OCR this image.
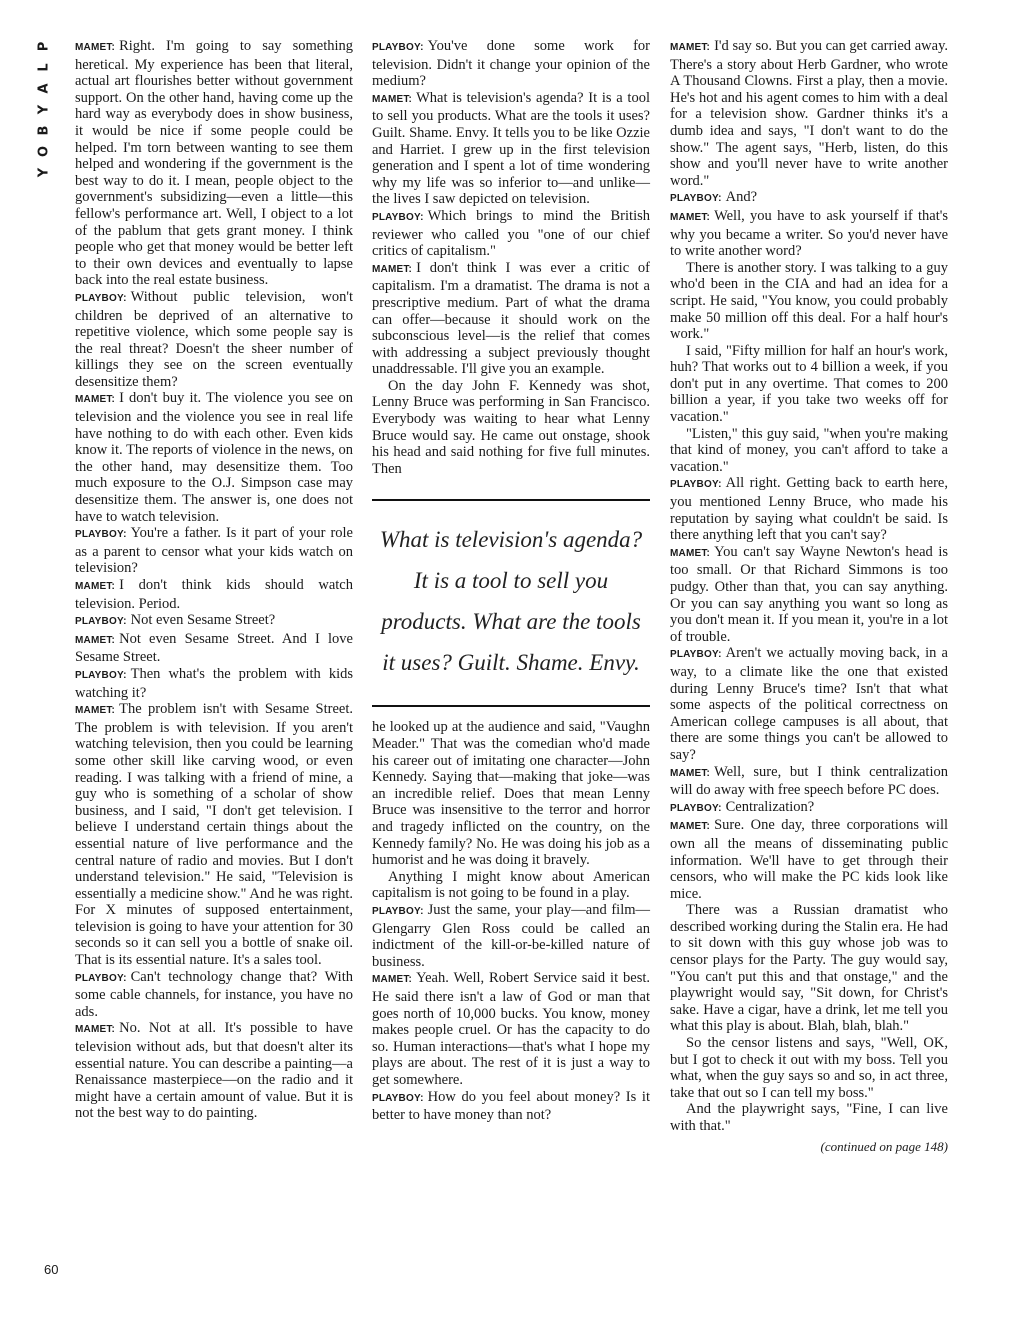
P
L
A
Y
B
O
Y
60

MAMET: Right. I'm going to say something heretical. My experience has been that literal, actual art flourishes better without government support. On the other hand, having come up the hard way as everybody does in show business, it would be nice if some people could be helped. I'm torn between wanting to see them helped and wondering if the government is the best way to do it. I mean, people object to the government's subsidizing—even a little—this fellow's performance art. Well, I object to a lot of the pablum that gets grant money. I think people who get that money would be better left to their own devices and eventually to lapse back into the real estate business.

PLAYBOY: Without public television, won't children be deprived of an alternative to repetitive violence, which some people say is the real threat? Doesn't the sheer number of killings they see on the screen eventually desensitize them?

MAMET: I don't buy it. The violence you see on television and the violence you see in real life have nothing to do with each other. Even kids know it. The reports of violence in the news, on the other hand, may desensitize them. Too much exposure to the O.J. Simpson case may desensitize them. The answer is, one does not have to watch television.

PLAYBOY: You're a father. Is it part of your role as a parent to censor what your kids watch on television?

MAMET: I don't think kids should watch television. Period.

PLAYBOY: Not even Sesame Street?

MAMET: Not even Sesame Street. And I love Sesame Street.

PLAYBOY: Then what's the problem with kids watching it?

MAMET: The problem isn't with Sesame Street. The problem is with television. If you aren't watching television, then you could be learning some other skill like carving wood, or even reading. I was talking with a friend of mine, a guy who is something of a scholar of show business, and I said, "I don't get television. I believe I understand certain things about the essential nature of live performance and the central nature of radio and movies. But I don't understand television." He said, "Television is essentially a medicine show." And he was right. For X minutes of supposed entertainment, television is going to have your attention for 30 seconds so it can sell you a bottle of snake oil. That is its essential nature. It's a sales tool.

PLAYBOY: Can't technology change that? With some cable channels, for instance, you have no ads.

MAMET: No. Not at all. It's possible to have television without ads, but that doesn't alter its essential nature. You can describe a painting—a Renaissance masterpiece—on the radio and it might have a certain amount of value. But it is not the best way to do painting.

PLAYBOY: You've done some work for television. Didn't it change your opinion of the medium?

MAMET: What is television's agenda? It is a tool to sell you products. What are the tools it uses? Guilt. Shame. Envy. It tells you to be like Ozzie and Harriet. I grew up in the first television generation and I spent a lot of time wondering why my life was so inferior to—and unlike—the lives I saw depicted on television.

PLAYBOY: Which brings to mind the British reviewer who called you "one of our chief critics of capitalism."

MAMET: I don't think I was ever a critic of capitalism. I'm a dramatist. The drama is not a prescriptive medium. Part of what the drama can offer—because it should work on the subconscious level—is the relief that comes with addressing a subject previously thought unaddressable. I'll give you an example.

On the day John F. Kennedy was shot, Lenny Bruce was performing in San Francisco. Everybody was waiting to hear what Lenny Bruce would say. He came out onstage, shook his head and said nothing for five full minutes. Then

What is television's agenda? It is a tool to sell you products. What are the tools it uses? Guilt. Shame. Envy.

he looked up at the audience and said, "Vaughn Meader." That was the comedian who'd made his career out of imitating one character—John Kennedy. Saying that—making that joke—was an incredible relief. Does that mean Lenny Bruce was insensitive to the terror and horror and tragedy inflicted on the country, on the Kennedy family? No. He was doing his job as a humorist and he was doing it bravely.

Anything I might know about American capitalism is not going to be found in a play.

PLAYBOY: Just the same, your play—and film—Glengarry Glen Ross could be called an indictment of the kill-or-be-killed nature of business.

MAMET: Yeah. Well, Robert Service said it best. He said there isn't a law of God or man that goes north of 10,000 bucks. You know, money makes people cruel. Or has the capacity to do so. Human interactions—that's what I hope my plays are about. The rest of it is just a way to get somewhere.

PLAYBOY: How do you feel about money? Is it better to have money than not?

MAMET: I'd say so. But you can get carried away. There's a story about Herb Gardner, who wrote A Thousand Clowns. First a play, then a movie. He's hot and his agent comes to him with a deal for a television show. Gardner thinks it's a dumb idea and says, "I don't want to do the show." The agent says, "Herb, listen, do this show and you'll never have to write another word."

PLAYBOY: And?

MAMET: Well, you have to ask yourself if that's why you became a writer. So you'd never have to write another word?

There is another story. I was talking to a guy who'd been in the CIA and had an idea for a script. He said, "You know, you could probably make 50 million off this deal. For a half hour's work."

I said, "Fifty million for half an hour's work, huh? That works out to 4 billion a week, if you don't put in any overtime. That comes to 200 billion a year, if you take two weeks off for vacation."

"Listen," this guy said, "when you're making that kind of money, you can't afford to take a vacation."

PLAYBOY: All right. Getting back to earth here, you mentioned Lenny Bruce, who made his reputation by saying what couldn't be said. Is there anything left that you can't say?

MAMET: You can't say Wayne Newton's head is too small. Or that Richard Simmons is too pudgy. Other than that, you can say anything. Or you can say anything you want so long as you don't mean it. If you mean it, you're in a lot of trouble.

PLAYBOY: Aren't we actually moving back, in a way, to a climate like the one that existed during Lenny Bruce's time? Isn't that what some aspects of the political correctness on American college campuses is all about, that there are some things you can't be allowed to say?

MAMET: Well, sure, but I think centralization will do away with free speech before PC does.

PLAYBOY: Centralization?

MAMET: Sure. One day, three corporations will own all the means of disseminating public information. We'll have to get through their censors, who will make the PC kids look like mice.

There was a Russian dramatist who described working during the Stalin era. He had to sit down with this guy whose job was to censor plays for the Party. The guy would say, "You can't put this and that onstage," and the playwright would say, "Sit down, for Christ's sake. Have a cigar, have a drink, let me tell you what this play is about. Blah, blah, blah."

So the censor listens and says, "Well, OK, but I got to check it out with my boss. Tell you what, when the guy says so and so, in act three, take that out so I can tell my boss."

And the playwright says, "Fine, I can live with that."

(continued on page 148)
